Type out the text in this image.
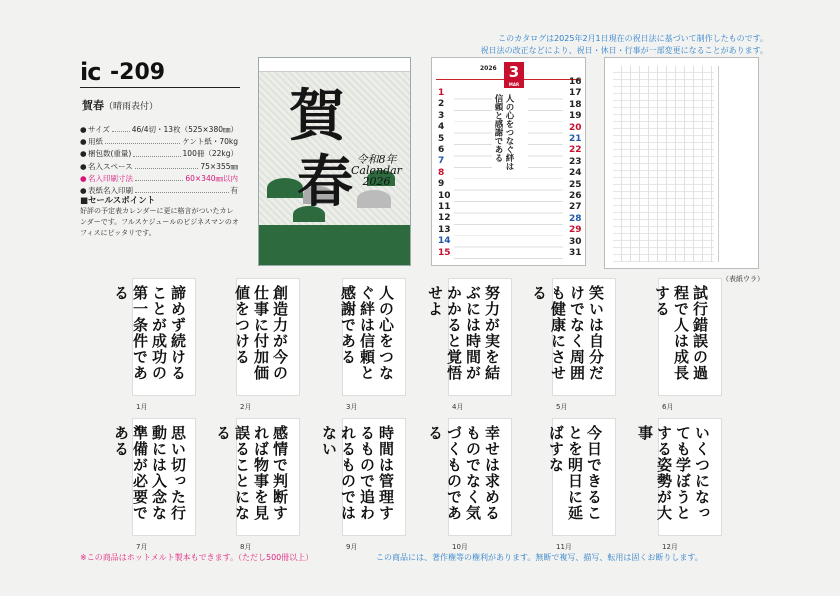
このカタログは2025年2月1日現在の祝日法に基づいて制作したものです。
祝日法の改正などにより、祝日・休日・行事が一部変更になることがあります。
ic -209
賀春（晴雨表付）
● サイズ	46/4切・13枚（525×380㎜）
● 用紙	ケント紙・70kg
● 梱包数(重量)	100冊（22kg）
● 名入スペース	75×355㎜
● 名入印刷寸法	60×340㎜以内
● 表紙名入印刷	有
■セールスポイント
好評の予定表カレンダーに更に格言がついたカレンダーです。フルスケジュールのビジネスマンのオフィスにピッタリです。
賀
春 令和8年
Calendar
2026
2026 3
MAR
人の心をつなぐ絆は信頼と感謝である
1
2
3
4
5
6
7
8
9
10
11
12
13
14
15
16
17
18
19
20
21
22
23
24
25
26
27
28
29
30
31
（表紙ウラ）
諦めず続けることが成功の第一条件である
1月
創造力が今の仕事に付加価値をつける
2月
人の心をつなぐ絆は信頼と感謝である
3月
努力が実を結ぶには時間がかかると覚悟せよ
4月
笑いは自分だけでなく周囲も健康にさせる
5月
試行錯誤の過程で人は成長する
6月
思い切った行動には入念な準備が必要である
7月
感情で判断すれば物事を見誤ることになる
8月
時間は管理するもので追われるものではない
9月
幸せは求めるものでなく気づくものである
10月
今日できることを明日に延ばすな
11月
いくつになっても学ぼうとする姿勢が大事
12月
※この商品はホットメルト製本もできます。（ただし500冊以上）	この商品には、著作権等の権利があります。無断で複写、描写、転用は固くお断りします。
